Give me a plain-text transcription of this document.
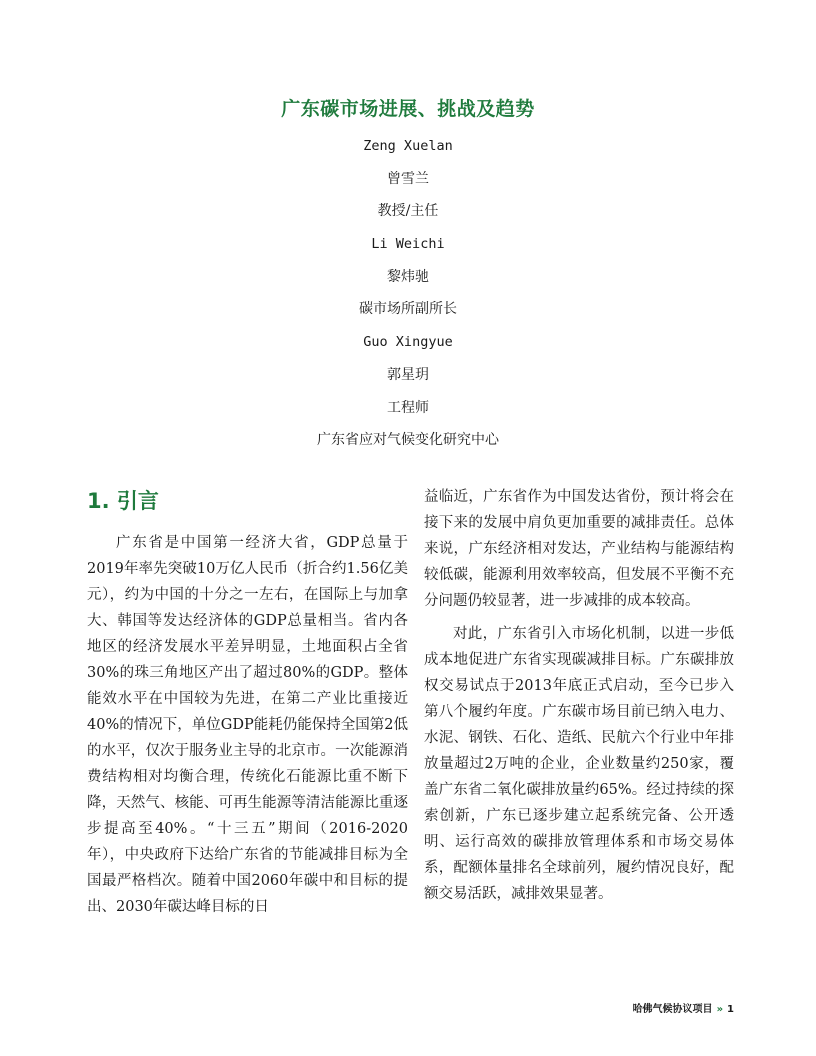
广东碳市场进展、挑战及趋势
Zeng Xuelan
曾雪兰
教授/主任
Li Weichi
黎炜驰
碳市场所副所长
Guo Xingyue
郭星玥
工程师
广东省应对气候变化研究中心
1. 引言

广东省是中国第一经济大省，GDP总量于2019年率先突破10万亿人民币（折合约1.56亿美元），约为中国的十分之一左右，在国际上与加拿大、韩国等发达经济体的GDP总量相当。省内各地区的经济发展水平差异明显，土地面积占全省30%的珠三角地区产出了超过80%的GDP。整体能效水平在中国较为先进，在第二产业比重接近40%的情况下，单位GDP能耗仍能保持全国第2低的水平，仅次于服务业主导的北京市。一次能源消费结构相对均衡合理，传统化石能源比重不断下降，天然气、核能、可再生能源等清洁能源比重逐步提高至40%。“十三五”期间（2016-2020年），中央政府下达给广东省的节能减排目标为全国最严格档次。随着中国2060年碳中和目标的提出、2030年碳达峰目标的日

益临近，广东省作为中国发达省份，预计将会在接下来的发展中肩负更加重要的减排责任。总体来说，广东经济相对发达，产业结构与能源结构较低碳，能源利用效率较高，但发展不平衡不充分问题仍较显著，进一步减排的成本较高。

对此，广东省引入市场化机制，以进一步低成本地促进广东省实现碳减排目标。广东碳排放权交易试点于2013年底正式启动，至今已步入第八个履约年度。广东碳市场目前已纳入电力、水泥、钢铁、石化、造纸、民航六个行业中年排放量超过2万吨的企业，企业数量约250家，覆盖广东省二氧化碳排放量约65%。经过持续的探索创新，广东已逐步建立起系统完备、公开透明、运行高效的碳排放管理体系和市场交易体系，配额体量排名全球前列，履约情况良好，配额交易活跃，减排效果显著。

哈佛气候协议项目 » 1
